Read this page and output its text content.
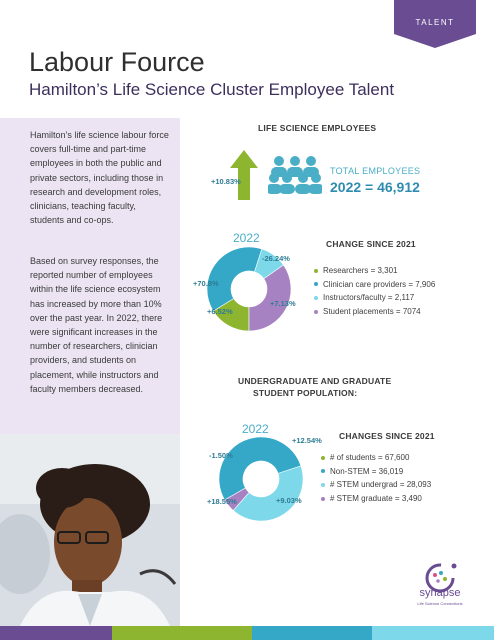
TALENT
Labour Fource
Hamilton’s Life Science Cluster Employee Talent
Hamilton’s life science labour force covers full-time and part-time employees in both the public and private sectors, including those in research and development roles, clinicians, teaching faculty, students and co-ops.
Based on survey responses, the reported number of employees within the life science ecosystem has increased by more than 10% over the past year. In 2022, there were significant increases in the number of researchers, clinician providers, and students on placement, while instructors and faculty members decreased.
LIFE SCIENCE EMPLOYEES
+10.83%
TOTAL EMPLOYEES
2022 = 46,912
2022
-26.24%
+70.8%
+7.13%
+6.52%
CHANGE SINCE 2021
Researchers = 3,301
Clinician care providers = 7,906
Instructors/faculty = 2,117
Student placements = 7074
UNDERGRADUATE AND GRADUATE
STUDENT POPULATION:
2022
+12.54%
-1.50%
+18.55%	+9.03%
CHANGES SINCE 2021
# of students = 67,600
Non-STEM = 36,019
# STEM undergrad = 28,093
# STEM graduate = 3,490
synapse
Life Science Connections
